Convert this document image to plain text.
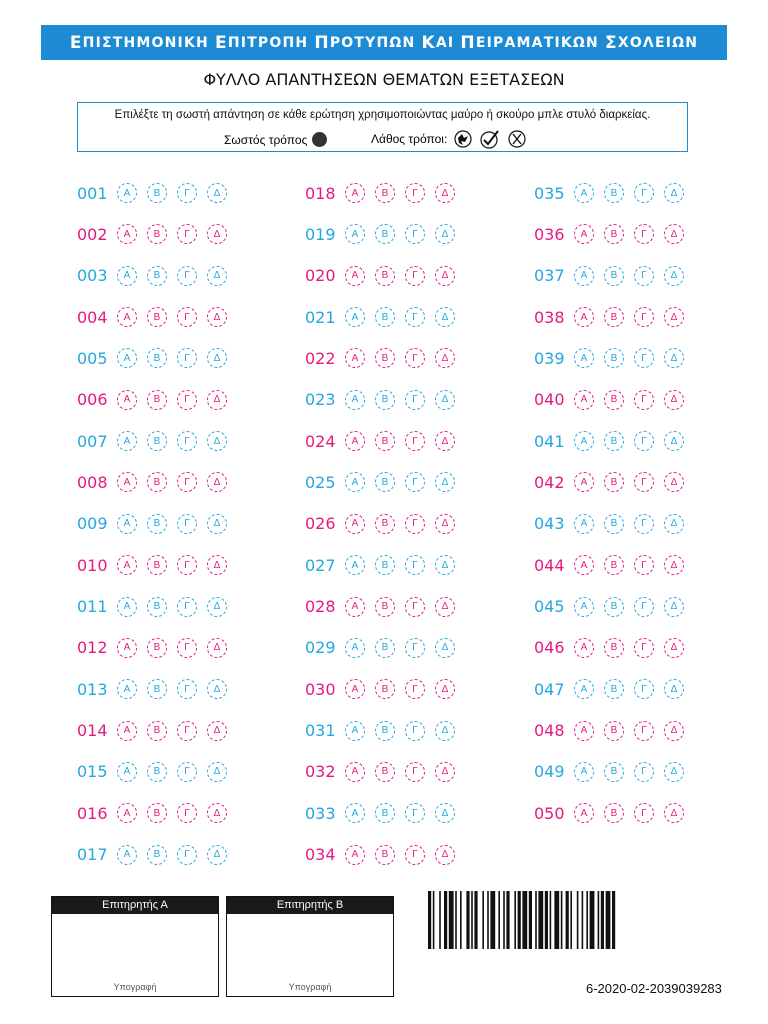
Ε ΠΙΣΤΗΜΟΝΙΚΗ
Ε ΠΙΤΡΟΠΗ
Π ΡΟΤΥΠΩΝ
Κ ΑΙ
Π ΕΙΡΑΜΑΤΙΚΩΝ
Σ ΧΟΛΕΙΩΝ
ΦΥΛΛΟ ΑΠΑΝΤΗΣΕΩΝ ΘΕΜΑΤΩΝ ΕΞΕΤΑΣΕΩΝ
Επιλέξτε τη σωστή απάντηση σε κάθε ερώτηση χρησιμοποιώντας μαύρο ή σκούρο μπλε στυλό διαρκείας.
Σωστός τρόπος	Λάθος τρόποι:
001	Α	Β	Γ	Δ
002	Α	Β	Γ	Δ
003	Α	Β	Γ	Δ
004	Α	Β	Γ	Δ
005	Α	Β	Γ	Δ
006	Α	Β	Γ	Δ
007	Α	Β	Γ	Δ
008	Α	Β	Γ	Δ
009	Α	Β	Γ	Δ
010	Α	Β	Γ	Δ
011	Α	Β	Γ	Δ
012	Α	Β	Γ	Δ
013	Α	Β	Γ	Δ
014	Α	Β	Γ	Δ
015	Α	Β	Γ	Δ
016	Α	Β	Γ	Δ
017	Α	Β	Γ	Δ
018	Α	Β	Γ	Δ
019	Α	Β	Γ	Δ
020	Α	Β	Γ	Δ
021	Α	Β	Γ	Δ
022	Α	Β	Γ	Δ
023	Α	Β	Γ	Δ
024	Α	Β	Γ	Δ
025	Α	Β	Γ	Δ
026	Α	Β	Γ	Δ
027	Α	Β	Γ	Δ
028	Α	Β	Γ	Δ
029	Α	Β	Γ	Δ
030	Α	Β	Γ	Δ
031	Α	Β	Γ	Δ
032	Α	Β	Γ	Δ
033	Α	Β	Γ	Δ
034	Α	Β	Γ	Δ
035	Α	Β	Γ	Δ
036	Α	Β	Γ	Δ
037	Α	Β	Γ	Δ
038	Α	Β	Γ	Δ
039	Α	Β	Γ	Δ
040	Α	Β	Γ	Δ
041	Α	Β	Γ	Δ
042	Α	Β	Γ	Δ
043	Α	Β	Γ	Δ
044	Α	Β	Γ	Δ
045	Α	Β	Γ	Δ
046	Α	Β	Γ	Δ
047	Α	Β	Γ	Δ
048	Α	Β	Γ	Δ
049	Α	Β	Γ	Δ
050	Α	Β	Γ	Δ
Επιτηρητής Α
Υπογραφή
Επιτηρητής Β
Υπογραφή	6-2020-02-2039039283
